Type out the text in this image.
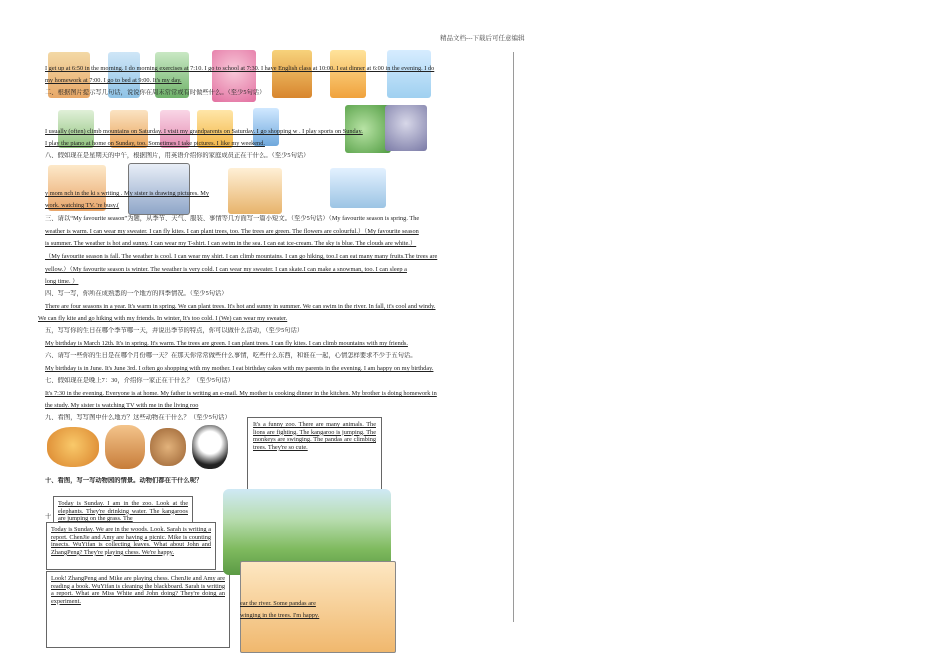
精品文档---下载后可任意编辑
I get up at 6:50 in the morning. I do morning exercises at 7:10. I go to school at 7:30. I have English class at 10:00. I eat dinner at 6:00 in the evening. I do
my homework at 7:00. I go to bed at 9:00. It's my day.
二、根据图片提示写几句话，说说你在周末常常或有时做些什么。（至少5句话）
I usually (often) climb mountains on Saturday. I visit my grandparents on Saturday. I go shopping w . I play sports on Sunday.
I play the piano at home on Sunday, too. Sometimes I take pictures. I like my weekend.
八、假如现在是星期天的中午，根据图片，用英语介绍你的家庭成员正在干什么。（至少5句话）
y mom nch in the ki s writing . My sister is drawing pictures. My
work. watching TV. 're busy.(
三、请以“My favourite season”为题，从季节、天气、服装、事情等几方面写一篇小短文。（至少5句话）（My favourite season is spring. The
weather is warm. I can wear my sweater. I can fly kites. I can plant trees, too. The trees are green. The flowers are colourful.）（My favourite season
is summer. The weather is hot and sunny. I can wear my T-shirt. I can swim in the sea. I can eat ice-cream. The sky is blue. The clouds are white.）
（My favourite season is fall. The weather is cool. I can wear my shirt. I can climb mountains. I can go hiking, too.I can eat many many fruits.The trees are
yellow.）（My favourite season is winter. The weather is very cold. I can wear my sweater. I can skate.I can make a snowman, too. I can sleep a
long time. ）
四、写一写，你所在成熟悉的一个地方的四季情况。（至少5句话）
There are four seasons in a year. It's warm in spring. We can plant trees. It's hot and sunny in summer. We can swim in the river. In fall, it's cool and windy.
We can fly kite and go hiking with my friends. In winter, It's too cold. I (We) can wear my sweater.
五，写写你的生日在哪个季节哪一天，并说出季节的特点，你可以做什么活动，（至少5句话）
My birthday is March 12th. It's in spring. It's warm. The trees are green. I can plant trees. I can fly kites. I can climb mountains with my friends.
六、请写一些你的生日是在哪个月份哪一天？在那天你常常做些什么事情，吃些什么东西，和谁在一起，心情怎样要求不少于五句话。
My birthday is in June. It's June 3rd. I often go shopping with my mother. I eat birthday cakes with my parents in the evening. I am happy on my birthday.
七、假如现在是晚上7：30，介绍你一家正在干什么？（至少5句话）
It's 7:30 in the evening. Everyone is at home. My father is writing an e-mail. My mother is cooking dinner in the kitchen. My brother is doing homework in
the study. My sister is watching TV with me in the living roo
九、看图，写写图中什么地方？这些动物在干什么？（至少5句话）
It's a funny zoo. There are many animals. The lions are fighting. The kangaroo is jumping. The monkeys are swinging. The pandas are climbing trees. They're so cute.
十、看图，写一写动物园的情景。动物们都在干什么呢？
十
Today is Sunday. I am in the zoo. Look at the elephants. They're drinking water. The kangaroos are jumping on the grass. The
Today is Sunday. We are in the woods. Look. Sarah is writing a report. ChenJie and Amy are having a picnic. Mike is counting insects. WuYifan is collecting leaves. What about John and ZhangPeng? They're playing chess. We're happy.
Look! ZhangPeng and Mike are playing chess. ChenJie and Amy are reading a book. WuYifan is cleaning the blackboard. Sarah is writing a report. What are Miss White and John doing? They're doing an experiment.	ear the river. Some pandas are
winging in the trees. I'm happy.
